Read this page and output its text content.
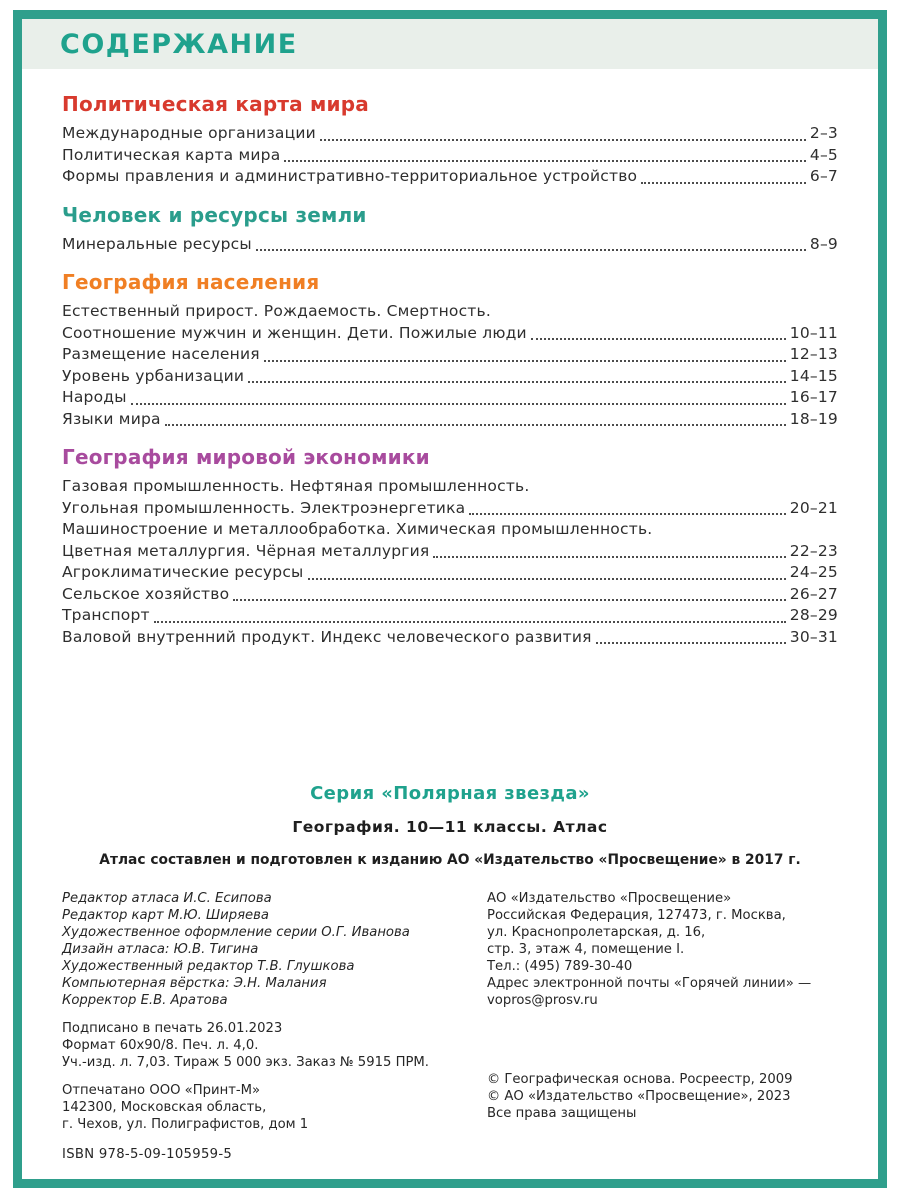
СОДЕРЖАНИЕ
Политическая карта мира
Международные организации	2–3
Политическая карта мира	4–5
Формы правления и административно-территориальное устройство	6–7
Человек и ресурсы земли
Минеральные ресурсы	8–9
География населения
Естественный прирост. Рождаемость. Смертность.
Соотношение мужчин и женщин. Дети. Пожилые люди	10–11
Размещение населения	12–13
Уровень урбанизации	14–15
Народы	16–17
Языки мира	18–19
География мировой экономики
Газовая промышленность. Нефтяная промышленность.
Угольная промышленность. Электроэнергетика	20–21
Машиностроение и металлообработка. Химическая промышленность.
Цветная металлургия. Чёрная металлургия	22–23
Агроклиматические ресурсы	24–25
Сельское хозяйство	26–27
Транспорт	28–29
Валовой внутренний продукт. Индекс человеческого развития	30–31
Серия «Полярная звезда»
География. 10—11 классы. Атлас
Атлас составлен и подготовлен к изданию АО «Издательство «Просвещение» в 2017 г.
Редактор атласа И.С. Есипова
Редактор карт М.Ю. Ширяева
Художественное оформление серии О.Г. Иванова
Дизайн атласа: Ю.В. Тигина
Художественный редактор Т.В. Глушкова
Компьютерная вёрстка: Э.Н. Малания
Корректор Е.В. Аратова
Подписано в печать 26.01.2023
Формат 60х90/8. Печ. л. 4,0.
Уч.-изд. л. 7,03. Тираж 5 000 экз. Заказ № 5915 ПРМ.
Отпечатано ООО «Принт-М»
142300, Московская область,
г. Чехов, ул. Полиграфистов, дом 1
ISBN 978-5-09-105959-5
АО «Издательство «Просвещение»
Российская Федерация, 127473, г. Москва,
ул. Краснопролетарская, д. 16,
стр. 3, этаж 4, помещение I.
Тел.: (495) 789-30-40
Адрес электронной почты «Горячей линии» —
vopros@prosv.ru
© Географическая основа. Росреестр, 2009
© АО «Издательство «Просвещение», 2023
Все права защищены
